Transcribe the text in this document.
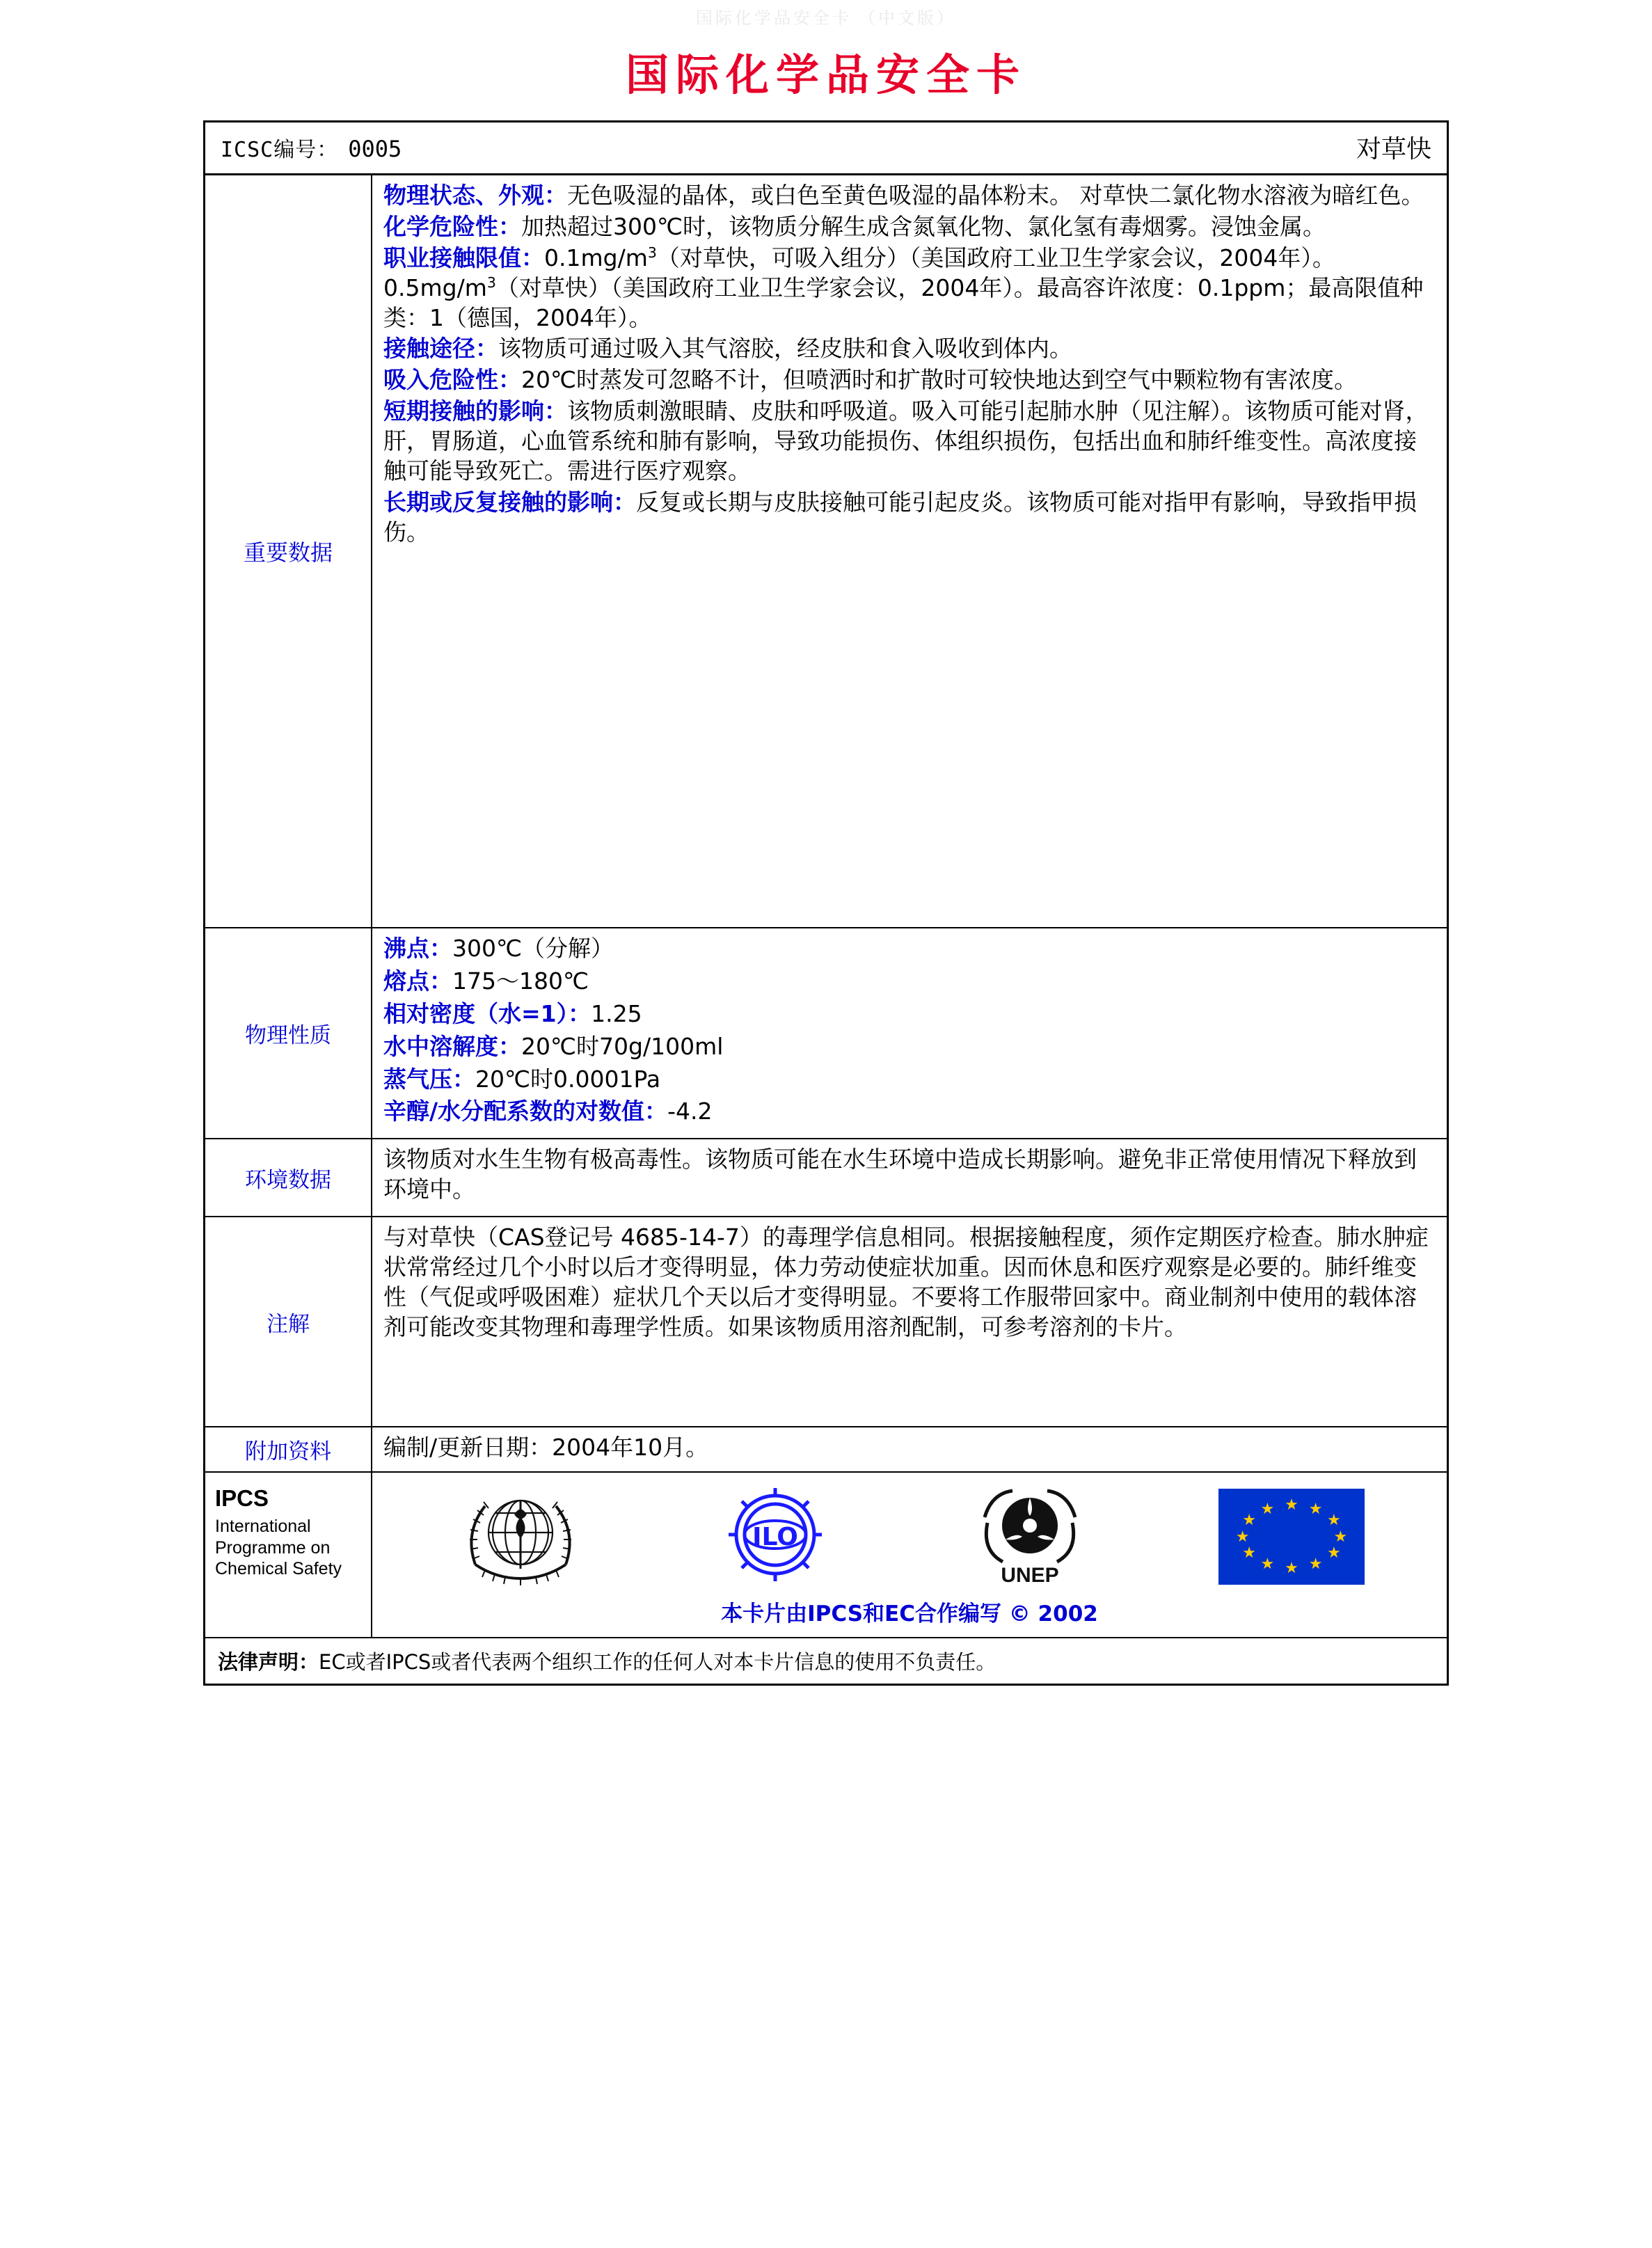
国际化学品安全卡 （中文版）
国际化学品安全卡
ICSC编号： 0005	对草快
重要数据

物理状态、外观：无色吸湿的晶体，或白色至黄色吸湿的晶体粉末。 对草快二氯化物水溶液为暗红色。

化学危险性：加热超过300℃时，该物质分解生成含氮氧化物、氯化氢有毒烟雾。浸蚀金属。

职业接触限值：$0.1mg/m^3$（对草快，可吸入组分）（美国政府工业卫生学家会议，2004年）。$0.5mg/m^3$（对草快）（美国政府工业卫生学家会议，2004年）。最高容许浓度：0.1ppm；最高限值种类：1（德国，2004年）。

接触途径：该物质可通过吸入其气溶胶，经皮肤和食入吸收到体内。

吸入危险性：20℃时蒸发可忽略不计，但喷洒时和扩散时可较快地达到空气中颗粒物有害浓度。

短期接触的影响：该物质刺激眼睛、皮肤和呼吸道。吸入可能引起肺水肿（见注解）。该物质可能对肾，肝，胃肠道，心血管系统和肺有影响，导致功能损伤、体组织损伤，包括出血和肺纤维变性。高浓度接触可能导致死亡。需进行医疗观察。

长期或反复接触的影响：反复或长期与皮肤接触可能引起皮炎。该物质可能对指甲有影响，导致指甲损伤。

物理性质

沸点：300℃（分解）

熔点：175～180℃

相对密度（水=1）：1.25

水中溶解度：20℃时70g/100ml

蒸气压：20℃时0.0001Pa

辛醇/水分配系数的对数值：-4.2

环境数据
该物质对水生生物有极高毒性。该物质可能在水生环境中造成长期影响。避免非正常使用情况下释放到环境中。
注解
与对草快（CAS登记号 4685-14-7）的毒理学信息相同。根据接触程度，须作定期医疗检查。肺水肿症状常常经过几个小时以后才变得明显，体力劳动使症状加重。因而休息和医疗观察是必要的。肺纤维变性（气促或呼吸困难）症状几个天以后才变得明显。不要将工作服带回家中。商业制剂中使用的载体溶剂可能改变其物理和毒理学性质。如果该物质用溶剂配制，可参考溶剂的卡片。
附加资料	编制/更新日期：2004年10月。
IPCS
International Programme on Chemical Safety
ILO
UNEP
★ ★
★
★
★
★
★
★
★
★
★
★
本卡片由IPCS和EC合作编写 © 2002
法律声明：EC或者IPCS或者代表两个组织工作的任何人对本卡片信息的使用不负责任。
